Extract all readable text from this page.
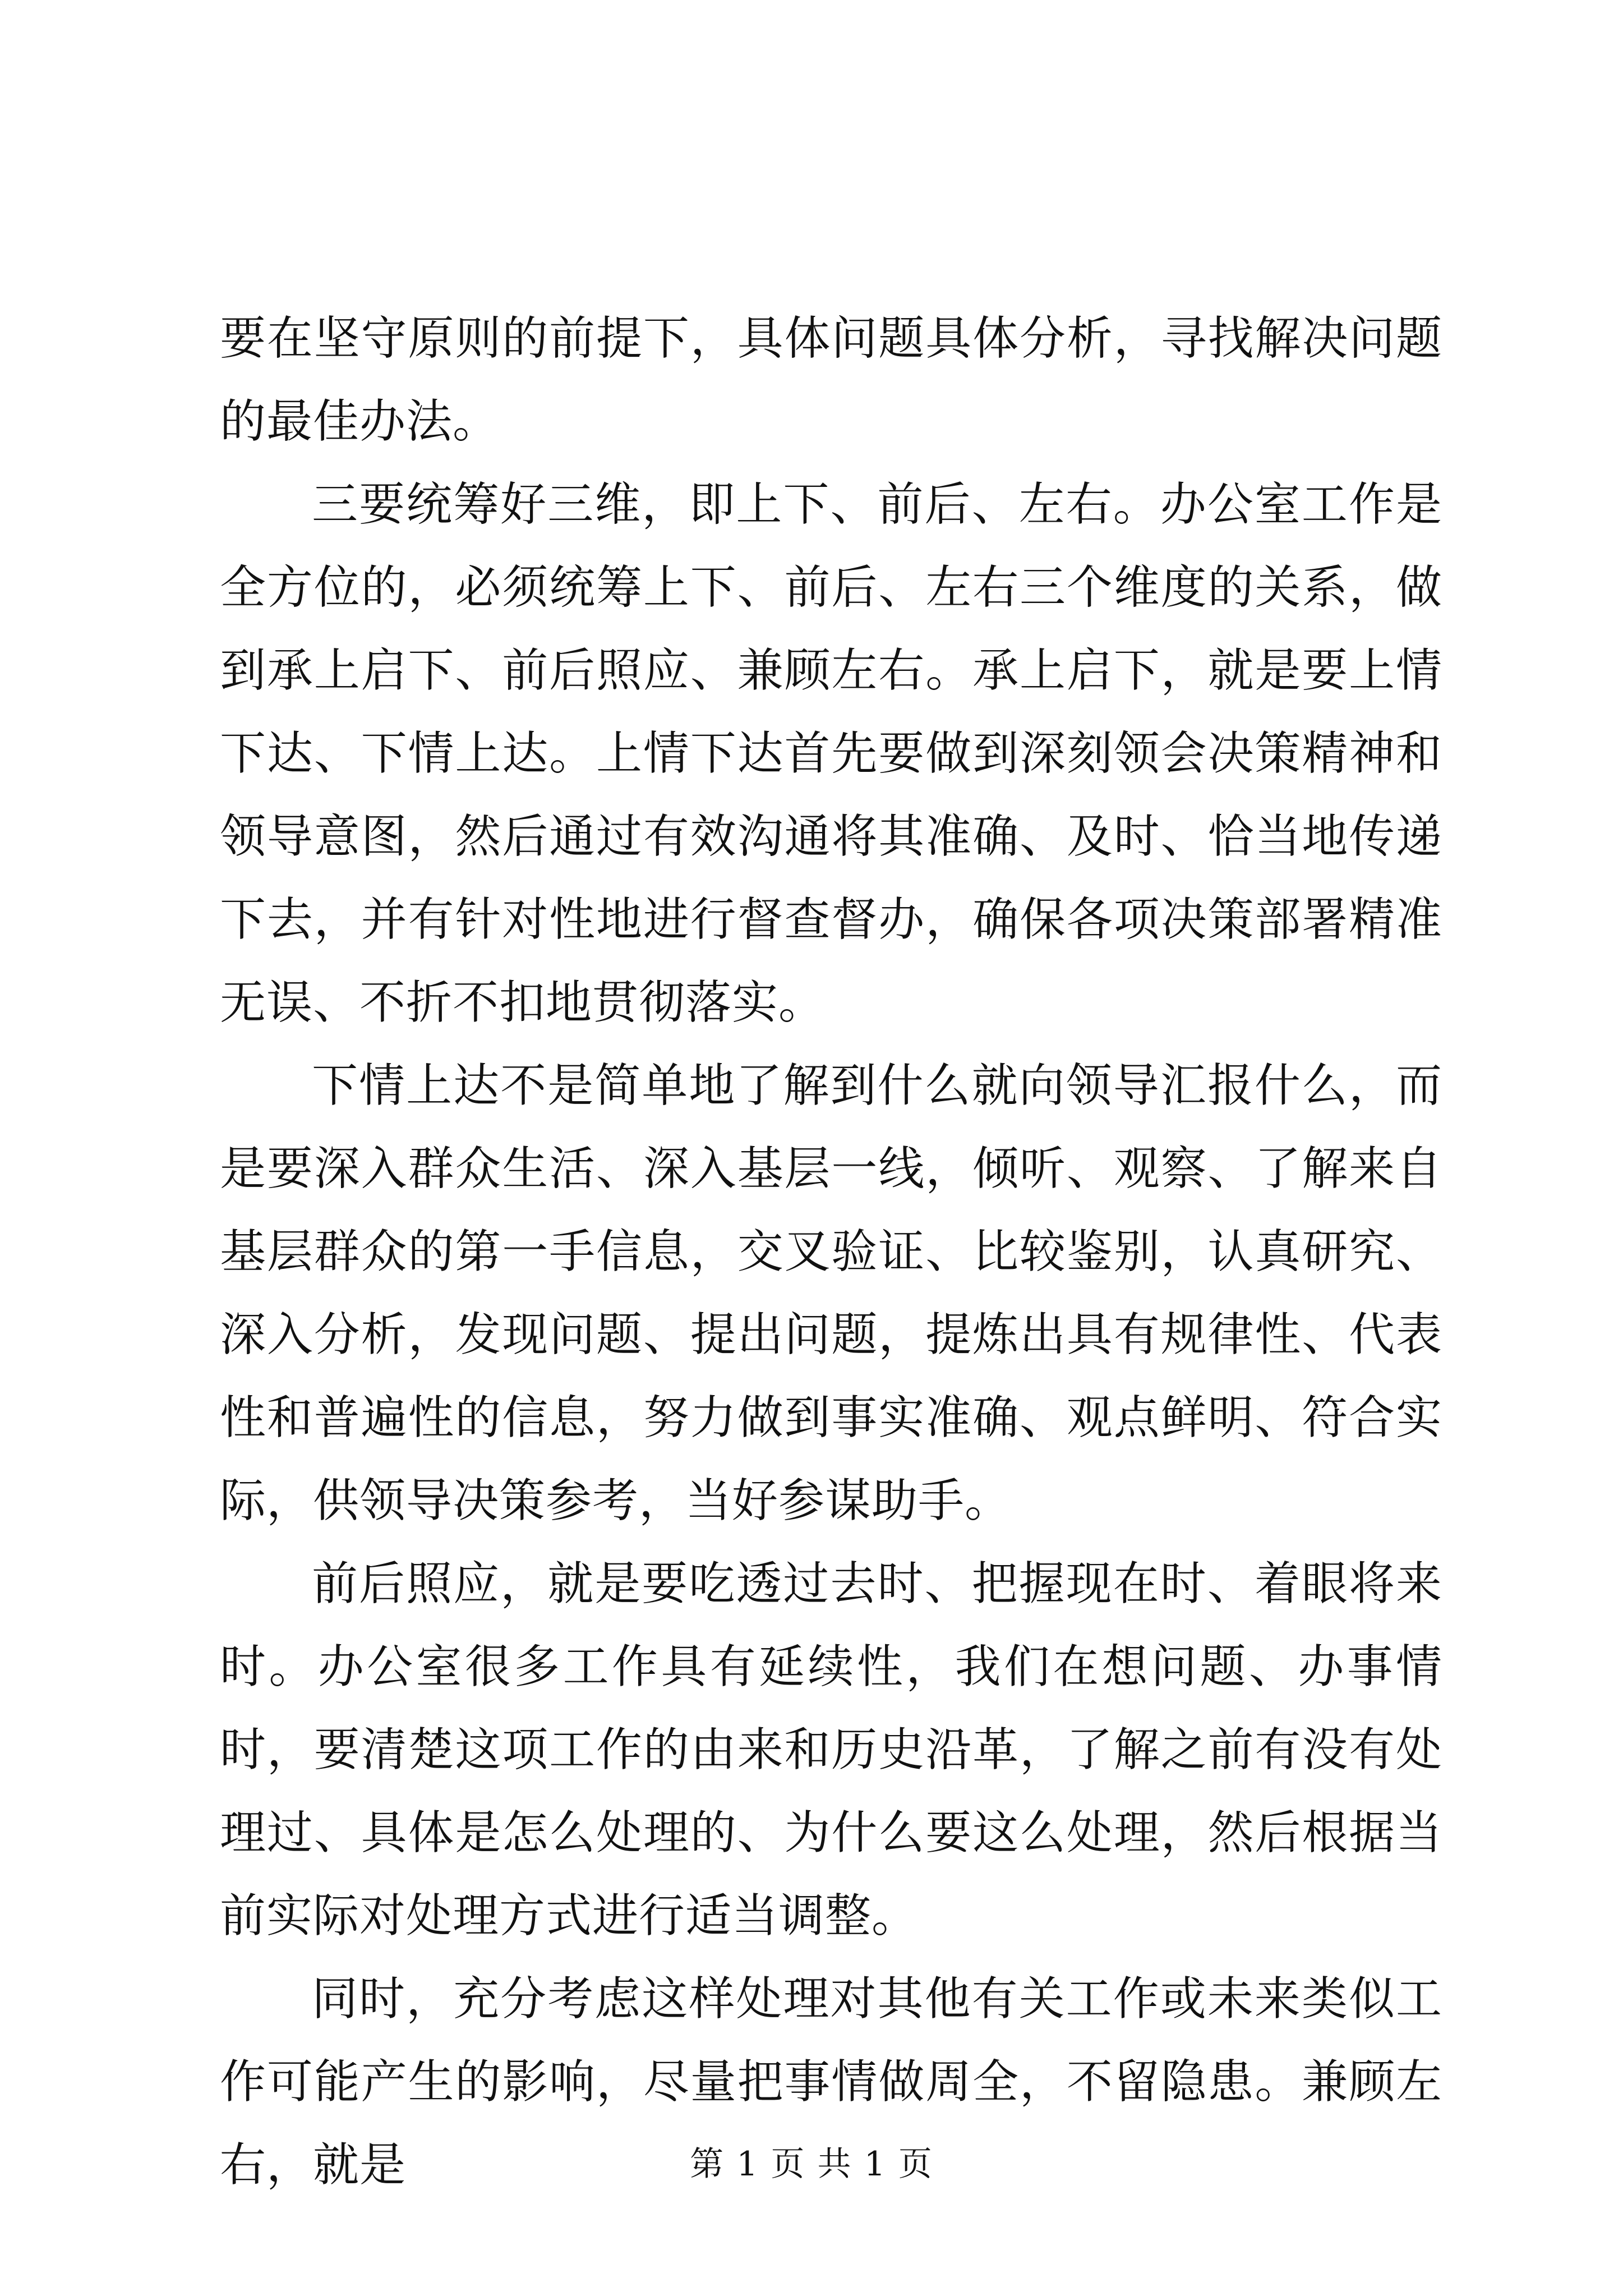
要在坚守原则的前提下，具体问题具体分析，寻找解决问题的最佳办法。

三要统筹好三维，即上下、前后、左右。办公室工作是全方位的，必须统筹上下、前后、左右三个维度的关系，做到承上启下、前后照应、兼顾左右。承上启下，就是要上情下达、下情上达。上情下达首先要做到深刻领会决策精神和领导意图，然后通过有效沟通将其准确、及时、恰当地传递下去，并有针对性地进行督查督办，确保各项决策部署精准无误、不折不扣地贯彻落实。

下情上达不是简单地了解到什么就向领导汇报什么，而是要深入群众生活、深入基层一线，倾听、观察、了解来自基层群众的第一手信息，交叉验证、比较鉴别，认真研究、深入分析，发现问题、提出问题，提炼出具有规律性、代表性和普遍性的信息，努力做到事实准确、观点鲜明、符合实际，供领导决策参考，当好参谋助手。

前后照应，就是要吃透过去时、把握现在时、着眼将来时。办公室很多工作具有延续性，我们在想问题、办事情时，要清楚这项工作的由来和历史沿革，了解之前有没有处理过、具体是怎么处理的、为什么要这么处理，然后根据当前实际对处理方式进行适当调整。

同时，充分考虑这样处理对其他有关工作或未来类似工作可能产生的影响，尽量把事情做周全，不留隐患。兼顾左右，就是	第 1 页 共 1 页
